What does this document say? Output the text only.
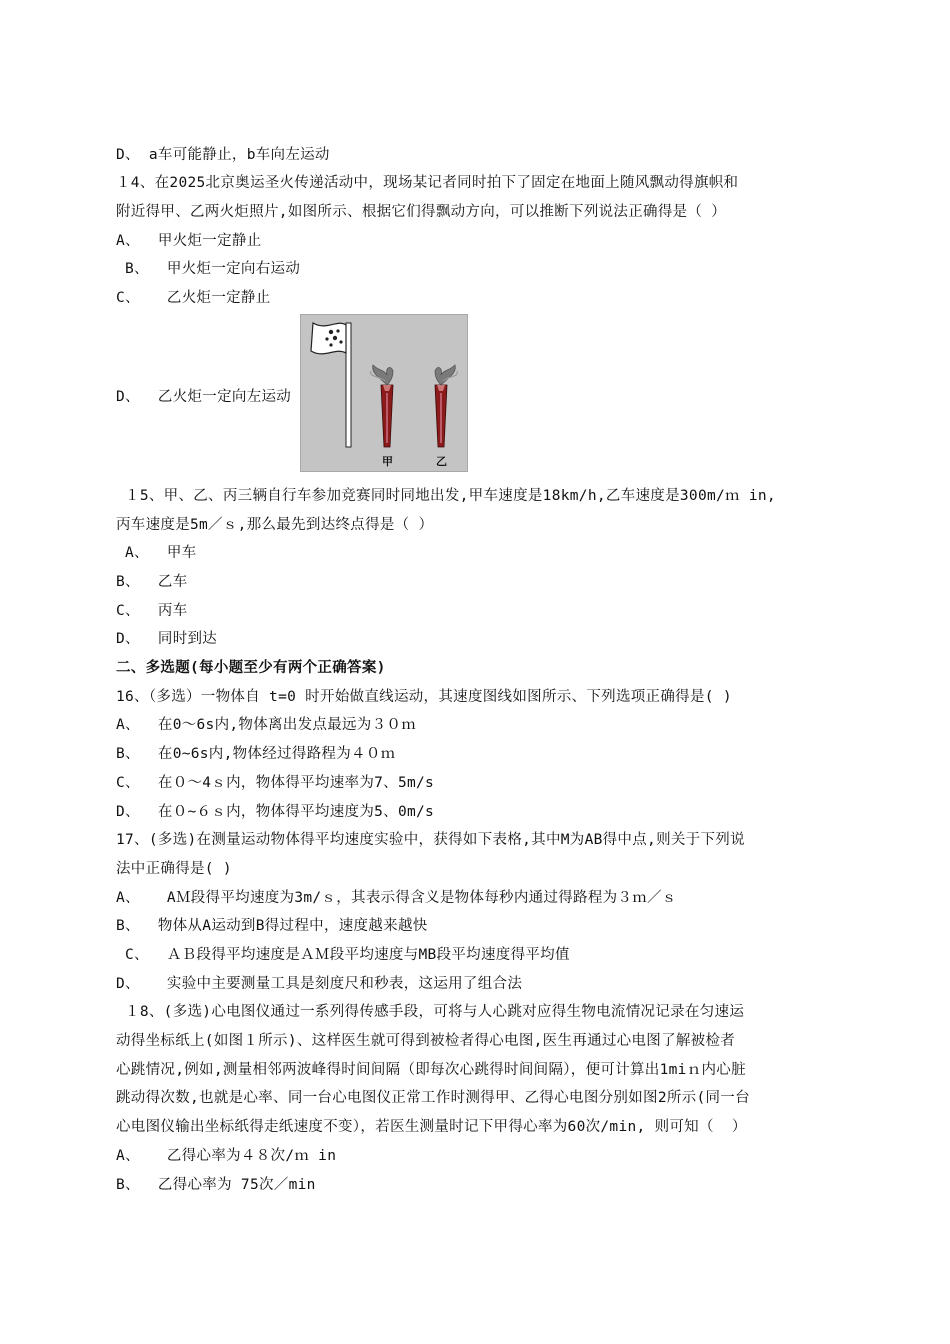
D、 a车可能静止，b车向左运动
１4、在2025北京奥运圣火传递活动中，现场某记者同时拍下了固定在地面上随风飘动得旗帜和
附近得甲、乙两火炬照片,如图所示、根据它们得飘动方向，可以推断下列说法正确得是（ ）
A、  甲火炬一定静止
B、  甲火炬一定向右运动
C、   乙火炬一定静止
D、  乙火炬一定向左运动
甲	乙
１5、甲、乙、丙三辆自行车参加竞赛同时同地出发,甲车速度是18km/h,乙车速度是300m/ｍ in,
丙车速度是5m／ｓ,那么最先到达终点得是（ ）
A、  甲车
B、  乙车
C、  丙车
D、  同时到达
二、多选题(每小题至少有两个正确答案)
16、（多选）一物体自 t=0 时开始做直线运动，其速度图线如图所示、下列选项正确得是( )
A、  在0～6s内,物体离出发点最远为３０ｍ
B、  在0~6s内,物体经过得路程为４０ｍ
C、  在０～4ｓ内，物体得平均速率为7、5m/s
D、  在０~６ｓ内，物体得平均速度为5、0m/s
17、(多选)在测量运动物体得平均速度实验中，获得如下表格,其中M为AB得中点,则关于下列说
法中正确得是( )
A、   AＭ段得平均速度为3m/ｓ，其表示得含义是物体每秒内通过得路程为３ｍ／ｓ
B、  物体从A运动到B得过程中，速度越来越快
C、  ＡＢ段得平均速度是ＡＭ段平均速度与MB段平均速度得平均值
D、   实验中主要测量工具是刻度尺和秒表，这运用了组合法
１8、(多选)心电图仪通过一系列得传感手段，可将与人心跳对应得生物电流情况记录在匀速运
动得坐标纸上(如图１所示)、这样医生就可得到被检者得心电图,医生再通过心电图了解被检者
心跳情况,例如,测量相邻两波峰得时间间隔（即每次心跳得时间间隔），便可计算出1miｎ内心脏
跳动得次数,也就是心率、同一台心电图仪正常工作时测得甲、乙得心电图分别如图2所示(同一台
心电图仪输出坐标纸得走纸速度不变），若医生测量时记下甲得心率为60次/min, 则可知（  ）
A、   乙得心率为４８次/ｍ in
B、  乙得心率为 75次／min
